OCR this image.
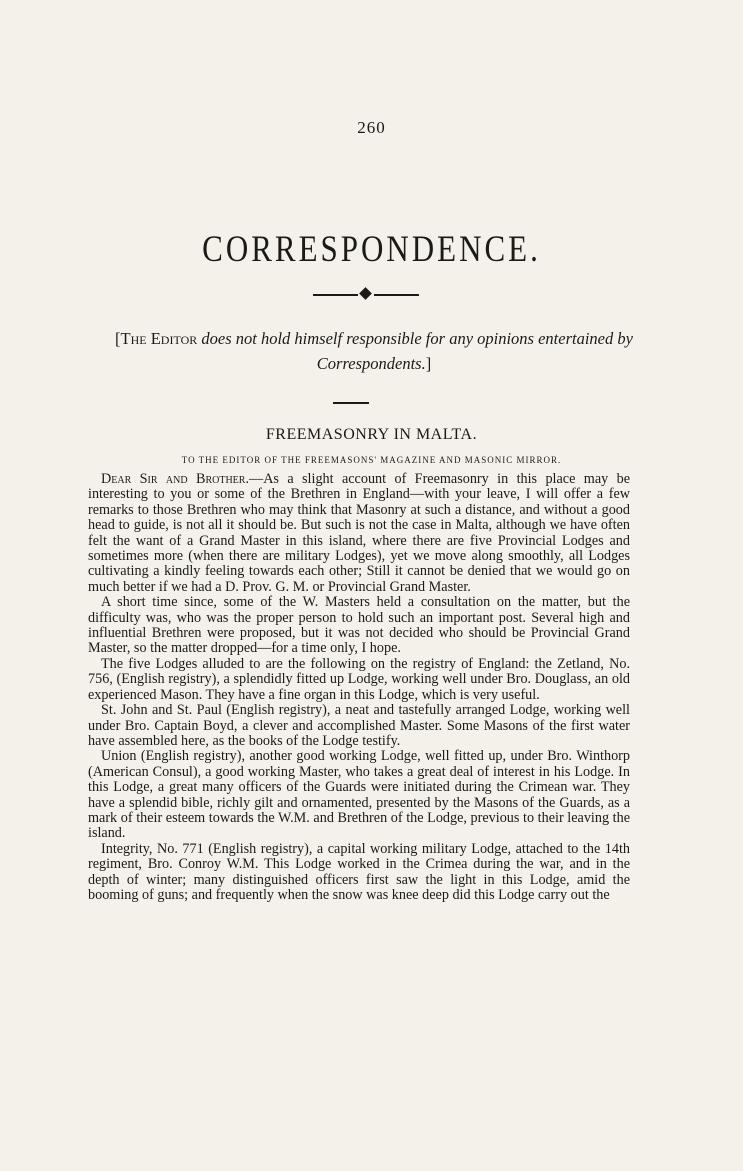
260
CORRESPONDENCE.
[The Editor does not hold himself responsible for any opinions entertained by Correspondents.]
FREEMASONRY IN MALTA.
TO THE EDITOR OF THE FREEMASONS' MAGAZINE AND MASONIC MIRROR.

Dear Sir and Brother.—As a slight account of Freemasonry in this place may be interesting to you or some of the Brethren in England—with your leave, I will offer a few remarks to those Brethren who may think that Masonry at such a distance, and without a good head to guide, is not all it should be. But such is not the case in Malta, although we have often felt the want of a Grand Master in this island, where there are five Provincial Lodges and sometimes more (when there are military Lodges), yet we move along smoothly, all Lodges cultivating a kindly feeling towards each other; Still it cannot be denied that we would go on much better if we had a D. Prov. G. M. or Provincial Grand Master.

A short time since, some of the W. Masters held a consultation on the matter, but the difficulty was, who was the proper person to hold such an important post. Several high and influential Brethren were proposed, but it was not decided who should be Provincial Grand Master, so the matter dropped—for a time only, I hope.

The five Lodges alluded to are the following on the registry of England: the Zetland, No. 756, (English registry), a splendidly fitted up Lodge, working well under Bro. Douglass, an old experienced Mason. They have a fine organ in this Lodge, which is very useful.

St. John and St. Paul (English registry), a neat and tastefully arranged Lodge, working well under Bro. Captain Boyd, a clever and accomplished Master. Some Masons of the first water have assembled here, as the books of the Lodge testify.

Union (English registry), another good working Lodge, well fitted up, under Bro. Winthorp (American Consul), a good working Master, who takes a great deal of interest in his Lodge. In this Lodge, a great many officers of the Guards were initiated during the Crimean war. They have a splendid bible, richly gilt and ornamented, presented by the Masons of the Guards, as a mark of their esteem towards the W.M. and Brethren of the Lodge, previous to their leaving the island.

Integrity, No. 771 (English registry), a capital working military Lodge, attached to the 14th regiment, Bro. Conroy W.M. This Lodge worked in the Crimea during the war, and in the depth of winter; many distinguished officers first saw the light in this Lodge, amid the booming of guns; and frequently when the snow was knee deep did this Lodge carry out the
